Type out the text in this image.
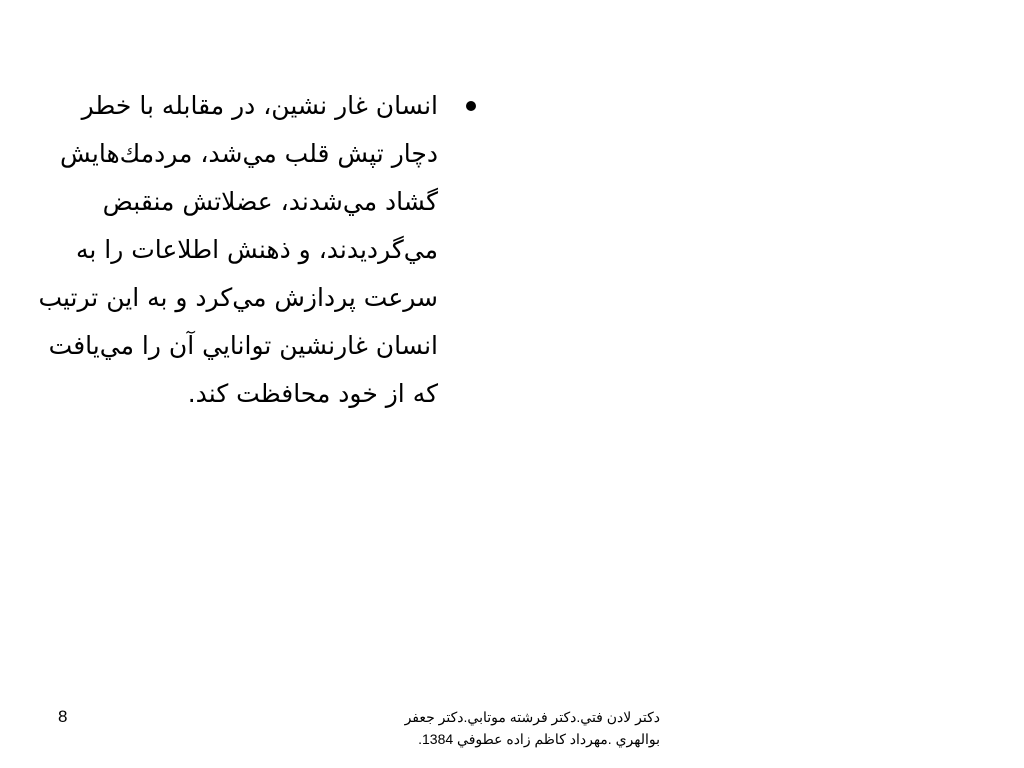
انسان غار نشين، در مقابله با خطر دچار تپش قلب مي‌شد، مردمك‌هايش گشاد مي‌شدند، عضلاتش منقبض مي‌گرديدند، و ذهنش اطلاعات را به سرعت پردازش مي‌كرد و به اين ترتيب انسان غارنشين توانايي آن را مي‌يافت كه از خود محافظت كند.
دكتر لادن فتي.دكتر فرشته موتابي.دكتر جعفر
بوالهري .مهرداد كاظم زاده عطوفي 1384.
8
